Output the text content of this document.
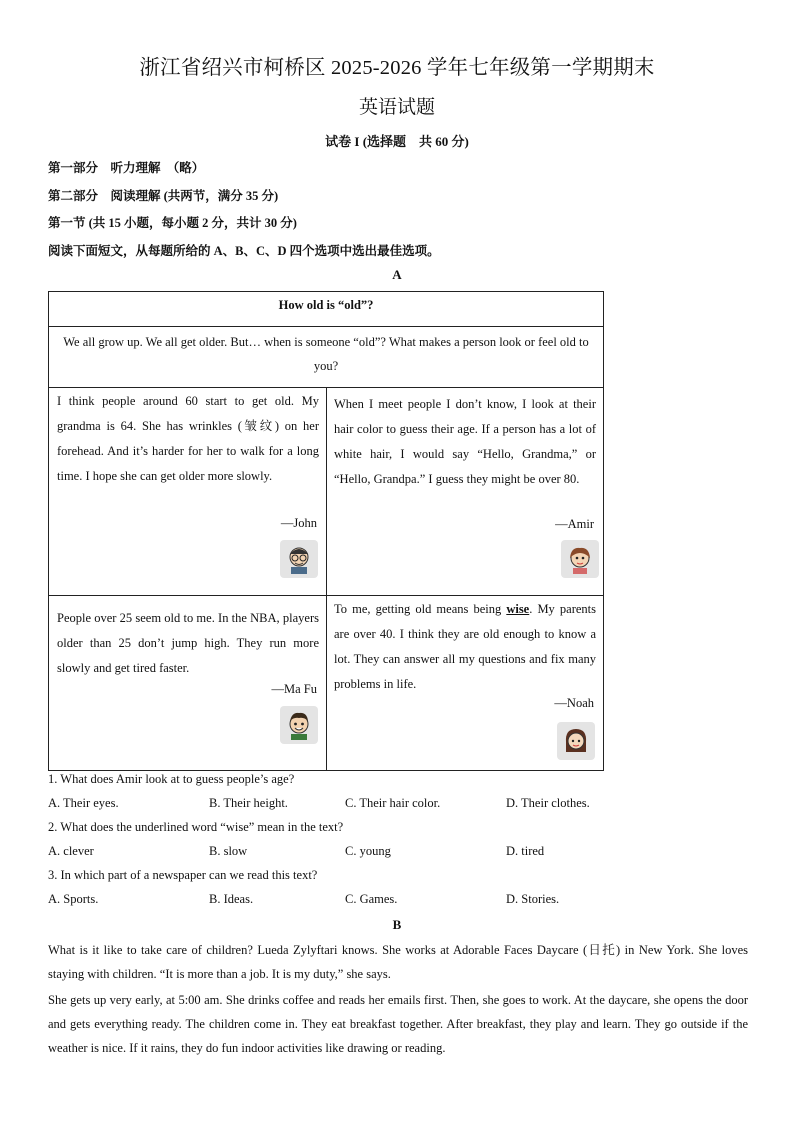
浙江省绍兴市柯桥区 2025-2026 学年七年级第一学期期末
英语试题
试卷 I (选择题　共 60 分)
第一部分　听力理解　（略）
第二部分　阅读理解 (共两节，满分 35 分)
第一节 (共 15 小题，每小题 2 分，共计 30 分)
阅读下面短文，从每题所给的 A、B、C、D 四个选项中选出最佳选项。
A
How old is “old”?
We all grow up. We all get older. But… when is someone “old”? What makes a person look or feel old to you?
I think people around 60 start to get old. My grandma is 64. She has wrinkles (皱纹) on her forehead. And it’s harder for her to walk for a long time. I hope she can get older more slowly.
—John
When I meet people I don’t know, I look at their hair color to guess their age. If a person has a lot of white hair, I would say “Hello, Grandma,” or “Hello, Grandpa.” I guess they might be over 80.
—Amir
People over 25 seem old to me. In the NBA, players older than 25 don’t jump high. They run more slowly and get tired faster.
—Ma Fu
To me, getting old means being wise. My parents are over 40. I think they are old enough to know a lot. They can answer all my questions and fix many problems in life.
—Noah
1. What does Amir look at to guess people’s age?
A. Their eyes.	B. Their height.	C. Their hair color.	D. Their clothes.
2. What does the underlined word “wise” mean in the text?
A. clever	B. slow	C. young	D. tired
3. In which part of a newspaper can we read this text?
A. Sports.	B. Ideas.	C. Games.	D. Stories.
B
What is it like to take care of children? Lueda Zylyftari knows. She works at Adorable Faces Daycare (日托) in New York. She loves staying with children. “It is more than a job. It is my duty,” she says.
She gets up very early, at 5:00 am. She drinks coffee and reads her emails first. Then, she goes to work. At the daycare, she opens the door and gets everything ready. The children come in. They eat breakfast together. After breakfast, they play and learn. They go outside if the weather is nice. If it rains, they do fun indoor activities like drawing or reading.
